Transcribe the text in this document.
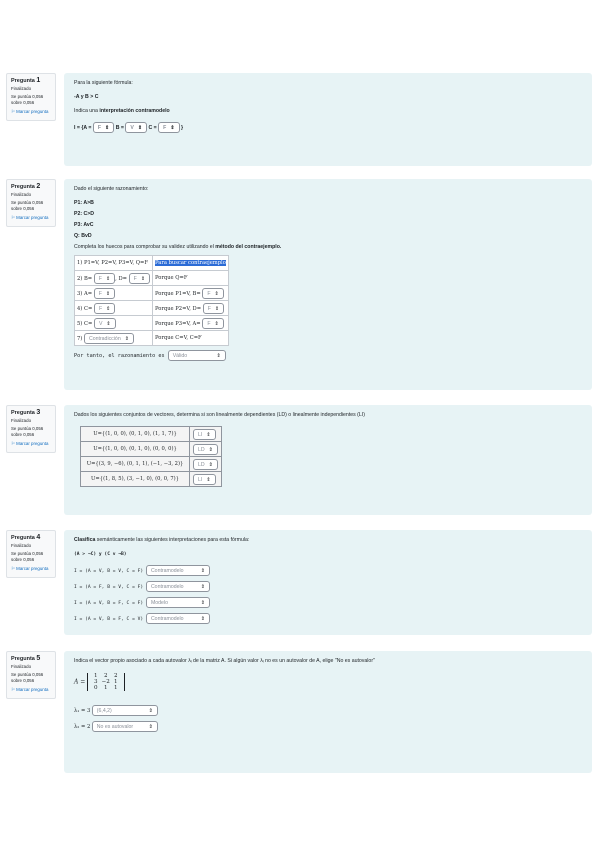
Pregunta 1
Finalizado
Se puntúa 0,056 sobre 0,056
⚐ Marcar pregunta

Para la siguiente fórmula:

-A y B > C

Indica una interpretación contramodelo

I = {A = F ⇕ B = V ⇕ C = F ⇕ }

Pregunta 2
Finalizado
Se puntúa 0,056 sobre 0,056
⚐ Marcar pregunta

Dado el siguiente razonamiento:

P1: A>B

P2: C>D

P3: AvC

Q: BvD

Completa los huecos para comprobar su validez utilizando el método del contraejemplo.

1) P1=V, P2=V, P3=V, Q=F	Para buscar contraejemplo
2) B= F ⇕ , D= F ⇕	Porque Q=F
3) A= F ⇕	Porque P1=V, B= F ⇕
4) C= F ⇕	Porque P2=V, D= F ⇕
5) C= V ⇕	Porque P3=V, A= F ⇕
7) Contradicción ⇕	Porque C=V, C=F

Por tanto, el razonamiento es Válido	⇕

Pregunta 3
Finalizado
Se puntúa 0,056 sobre 0,056
⚐ Marcar pregunta

Dados los siguientes conjuntos de vectores, determina si son linealmente dependientes (LD) o linealmente independientes (LI)

U={(1, 0, 0), (0, 1, 0), (1, 1, 7)}	LI ⇕
U={(1, 0, 0), (0, 1, 0), (0, 0, 0)}	LD ⇕
U={(3, 9, −6), (0, 1, 1), (−1, −3, 2)}	LD ⇕
U={(1, 8, 5), (3, −1, 0), (0, 0, 7)}	LI ⇕
Pregunta 4
Finalizado
Se puntúa 0,056 sobre 0,056
⚐ Marcar pregunta

Clasifica semánticamente las siguientes interpretaciones para esta fórmula:

(A > ¬C) y (C v ¬B)

I = (A = V, B = V, C = F) Contramodelo	⇕

I = (A = F, B = V, C = F) Contramodelo	⇕

I = (A = V, B = F, C = F) Modelo	⇕

I = (A = V, B = F, C = V) Contramodelo	⇕

Pregunta 5
Finalizado
Se puntúa 0,056 sobre 0,056
⚐ Marcar pregunta

Indica el vector propio asociado a cada autovalor λᵢ de la matriz A. Si algún valor λᵢ no es un autovalor de A, elige "No es autovalor"

A =
1 2 2
3 −2 1
0 1 1

λ₁ = 3 (6,4,2)	⇕

λ₂ = 2 No es autovalor	⇕
